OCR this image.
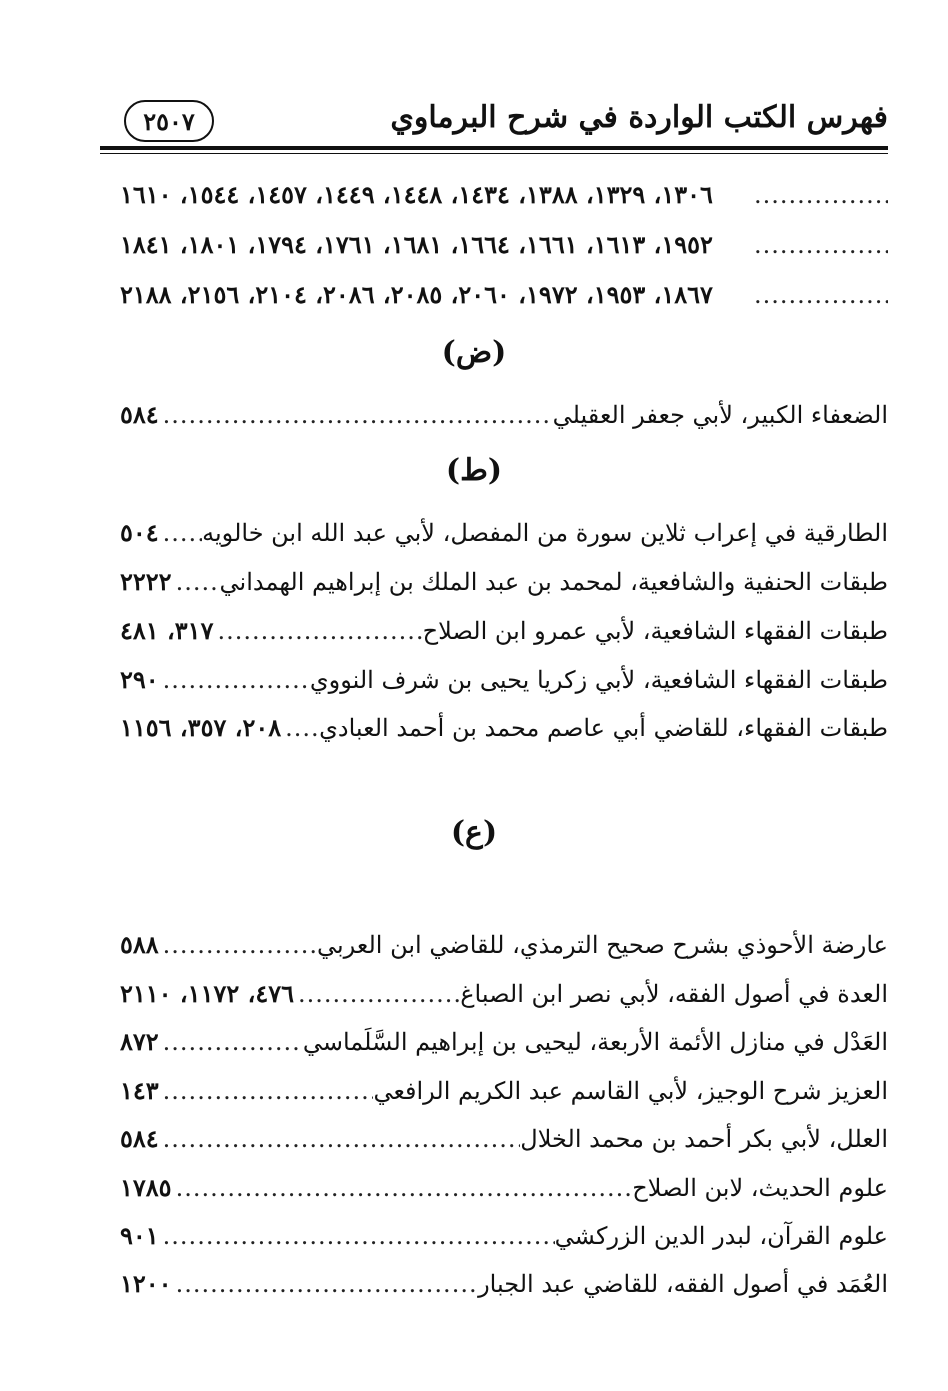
فهرس الكتب الواردة في شرح البرماوي
٢٥٠٧
.....
١٣٠٦، ١٣٢٩، ١٣٨٨، ١٤٣٤، ١٤٤٨، ١٤٤٩، ١٤٥٧، ١٥٤٤، ١٦١٠
.....
١٩٥٢، ١٦١٣، ١٦٦١، ١٦٦٤، ١٦٨١، ١٧٦١، ١٧٩٤، ١٨٠١، ١٨٤١
.....
١٨٦٧، ١٩٥٣، ١٩٧٢، ٢٠٦٠، ٢٠٨٥، ٢٠٨٦، ٢١٠٤، ٢١٥٦، ٢١٨٨
(ض)
الضعفاء الكبير، لأبي جعفر العقيلي
.....
٥٨٤
(ط)
الطارقية في إعراب ثلاين سورة من المفصل، لأبي عبد الله ابن خالويه
.....
٥٠٤
طبقات الحنفية والشافعية، لمحمد بن عبد الملك بن إبراهيم الهمداني
.....
٢٢٢٢
طبقات الفقهاء الشافعية، لأبي عمرو ابن الصلاح
.....
٣١٧، ٤٨١
طبقات الفقهاء الشافعية، لأبي زكريا يحيى بن شرف النووي
.....
٢٩٠
طبقات الفقهاء، للقاضي أبي عاصم محمد بن أحمد العبادي
.....
٢٠٨، ٣٥٧، ١١٥٦
(ع)
عارضة الأحوذي بشرح صحيح الترمذي، للقاضي ابن العربي
.....
٥٨٨
العدة في أصول الفقه، لأبي نصر ابن الصباغ
.....
٤٧٦، ١١٧٢، ٢١١٠
العَدْل في منازل الأئمة الأربعة، ليحيى بن إبراهيم السَّلَماسي
.....
٨٧٢
العزيز شرح الوجيز، لأبي القاسم عبد الكريم الرافعي
.....
١٤٣
العلل، لأبي بكر أحمد بن محمد الخلال
.....
٥٨٤
علوم الحديث، لابن الصلاح
.....
١٧٨٥
علوم القرآن، لبدر الدين الزركشي
.....
٩٠١
العُمَد في أصول الفقه، للقاضي عبد الجبار
.....
١٢٠٠
